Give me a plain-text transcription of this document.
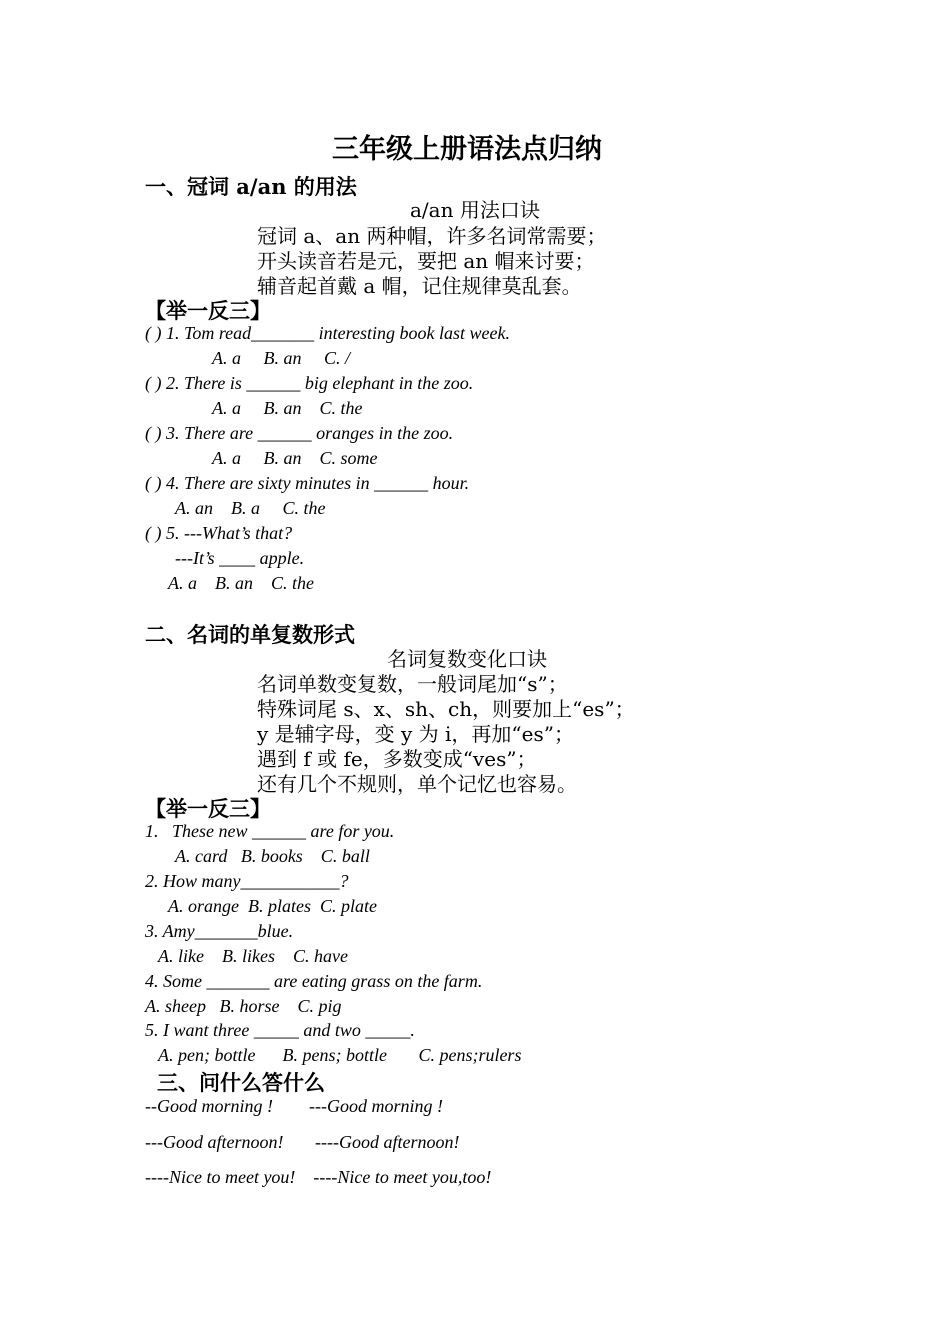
三年级上册语法点归纳
一、冠词 a/an 的用法
a/an 用法口诀
冠词 a、an 两种帽，许多名词常需要；
开头读音若是元，要把 an 帽来讨要；
辅音起首戴 a 帽，记住规律莫乱套。
【举一反三】
( ) 1. Tom read_______ interesting book last week.
A. a     B. an     C. /
( ) 2. There is ______ big elephant in the zoo.
A. a     B. an    C. the
( ) 3. There are ______ oranges in the zoo.
A. a     B. an    C. some
( ) 4. There are sixty minutes in ______ hour.
A. an    B. a     C. the
( ) 5. ---What’s that?
---It’s ____ apple.
A. a    B. an    C. the
二、名词的单复数形式
名词复数变化口诀
名词单数变复数，一般词尾加“s”；
特殊词尾 s、x、sh、ch，则要加上“es”；
y 是辅字母，变 y 为 i，再加“es”；
遇到 f 或 fe，多数变成“ves”；
还有几个不规则，单个记忆也容易。
【举一反三】
1.   These new ______ are for you.
A. card   B. books    C. ball
2. How many___________?
A. orange  B. plates  C. plate
3. Amy_______blue.
A. like    B. likes    C. have
4. Some _______ are eating grass on the farm.
A. sheep   B. horse    C. pig
5. I want three _____ and two _____.
A. pen; bottle      B. pens; bottle       C. pens;rulers
三、问什么答什么
--Good morning !        ---Good morning !
---Good afternoon!       ----Good afternoon!
----Nice to meet you!    ----Nice to meet you,too!
